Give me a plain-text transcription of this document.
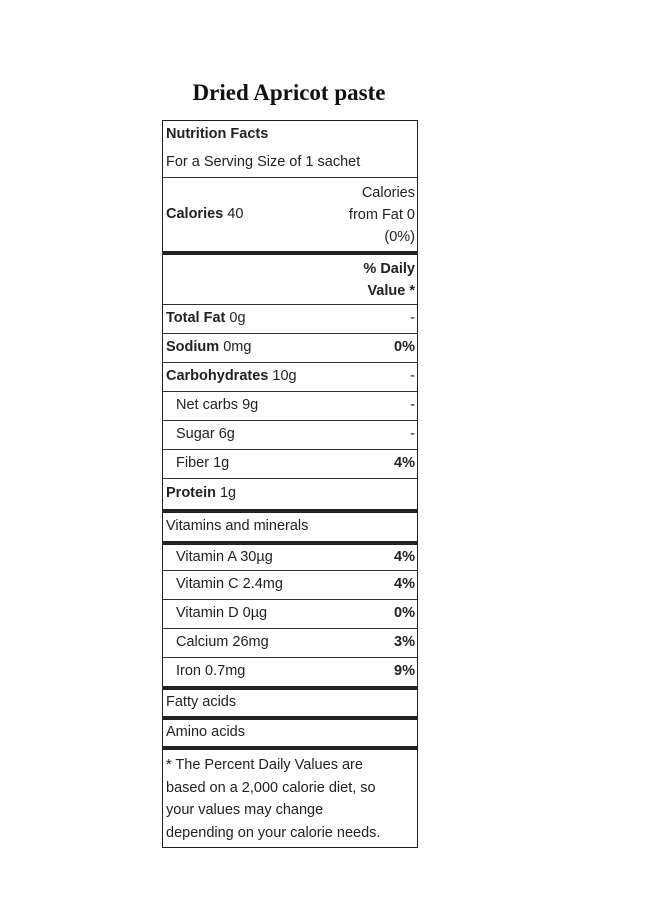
Dried Apricot paste
Nutrition Facts
For a Serving Size of 1 sachet
Calories 40
Calories
from Fat 0
(0%)
% Daily
Value *
Total Fat 0g	-
Sodium 0mg	0%
Carbohydrates 10g	-
Net carbs 9g	-
Sugar 6g	-
Fiber 1g	4%
Protein 1g
Vitamins and minerals
Vitamin A 30µg	4%
Vitamin C 2.4mg	4%
Vitamin D 0µg	0%
Calcium 26mg	3%
Iron 0.7mg	9%
Fatty acids
Amino acids
* The Percent Daily Values are
based on a 2,000 calorie diet, so
your values may change
depending on your calorie needs.
